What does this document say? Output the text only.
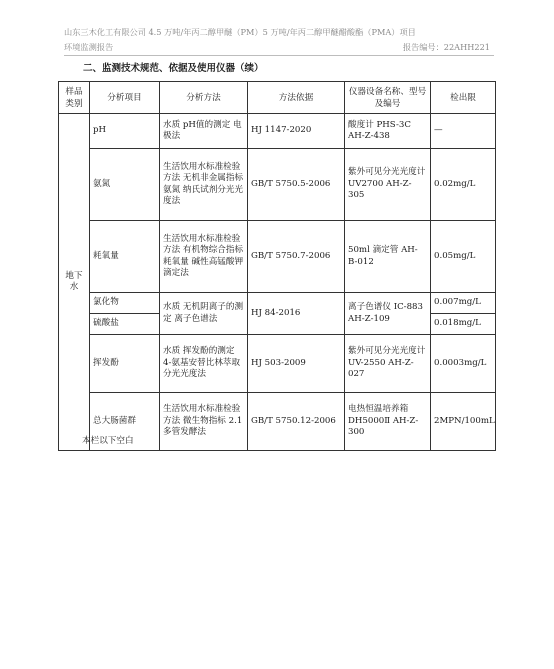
山东三木化工有限公司 4.5 万吨/年丙二醇甲醚（PM）5 万吨/年丙二醇甲醚醋酸酯（PMA）项目
环境监测报告	报告编号：22AHH221
二、监测技术规范、依据及使用仪器（续）
样品类别	分析项目	分析方法	方法依据	仪器设备名称、型号及编号	检出限
地下水	pH	水质 pH值的测定 电极法	HJ 1147-2020	酸度计 PHS-3C AH-Z-438	—
	氨氮	生活饮用水标准检验方法 无机非金属指标 氨氮 纳氏试剂分光光度法	GB/T 5750.5-2006	紫外可见分光光度计 UV2700 AH-Z-305	0.02mg/L
	耗氧量	生活饮用水标准检验方法 有机物综合指标 耗氧量 碱性高锰酸钾滴定法	GB/T 5750.7-2006	50ml 滴定管 AH-B-012	0.05mg/L
	氯化物	水质 无机阴离子的测定 离子色谱法	HJ 84-2016	离子色谱仪 IC-883 AH-Z-109	0.007mg/L
	硫酸盐				0.018mg/L
	挥发酚	水质 挥发酚的测定 4-氨基安替比林萃取分光光度法	HJ 503-2009	紫外可见分光光度计 UV-2550 AH-Z-027	0.0003mg/L
	总大肠菌群	生活饮用水标准检验方法 微生物指标 2.1 多管发酵法	GB/T 5750.12-2006	电热恒温培养箱 DH5000Ⅱ AH-Z-300	2MPN/100mL
本栏以下空白
